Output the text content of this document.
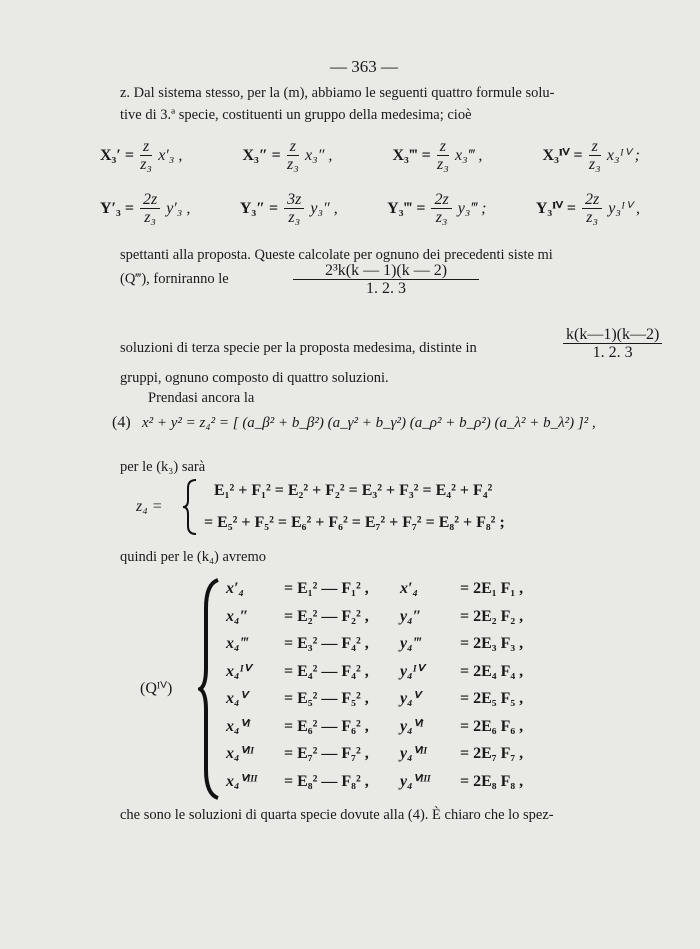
— 363 —
z. Dal sistema stesso, per la (m), abbiamo le seguenti quattro formule solu-
tive di 3.ª specie, costituenti un gruppo della medesima; cioè
$X_3' = \frac{z}{\text{z₃}} x'_3$ ,	$X_3'' = \frac{z}{\text{z₃}} x_3''$ ,	X₃‴ = $\frac{z}{\text{z₃}}$ x₃‴ ,	X₃ᴵⱽ = $\frac{z}{\text{z₃}}$ x₃ᴵⱽ ;
$Y'_3 = \frac{2z}{\text{z₃}} y'_3$ ,	$Y_3'' = \frac{3z}{\text{z₃}} y_3''$ ,	Y₃‴ = $\frac{2z}{\text{z₃}}$ y₃‴ ;	Y₃ᴵⱽ = $\frac{2z}{\text{z₃}}$ y₃ᴵⱽ ,
spettanti alla proposta. Queste calcolate per ognuno dei precedenti siste mi
(Q‴), forniranno le	$\frac{\text{2³k(k — 1)(k — 2)}}{1. 2. 3}$
soluzioni di terza specie per la proposta medesima, distinte in	$\frac{k(k—1)(k—2)}{1. 2. 3}$
gruppi, ognuno composto di quattro soluzioni.
Prendasi ancora la
(4) x² + y² = z₄² = [ (a_β² + b_β²) (a_γ² + b_γ²) (a_ρ² + b_ρ²) (a_λ² + b_λ²) ]² ,
per le (k₃) sarà
z₄ =
E₁² + F₁² = E₂² + F₂² = E₃² + F₃² = E₄² + F₄²
= E₅² + F₅² = E₆² + F₆² = E₇² + F₇² = E₈² + F₈² ;
quindi per le (k₄) avremo
(Qᴵⱽ)
x′₄ = E₁² — F₁² , x′₄	= 2E₁ F₁ ,
x₄″ = E₂² — F₂² , y₄″ = 2E₂ F₂ ,
x₄‴ = E₃² — F₄² , y₄‴ = 2E₃ F₃ ,
x₄ᴵⱽ = E₄² — F₄² , y₄ᴵⱽ = 2E₄ F₄ ,
x₄ⱽ = E₅² — F₅² , y₄ⱽ	= 2E₅ F₅ ,
x₄ⱽᴵ = E₆² — F₆² , y₄ⱽᴵ = 2E₆ F₆ ,
x₄ⱽᴵᴵ = E₇² — F₇² , y₄ⱽᴵᴵ = 2E₇ F₇ ,
x₄ⱽᴵᴵᴵ = E₈² — F₈² , y₄ⱽᴵᴵᴵ = 2E₈ F₈ ,
che sono le soluzioni di quarta specie dovute alla (4). È chiaro che lo spez-
